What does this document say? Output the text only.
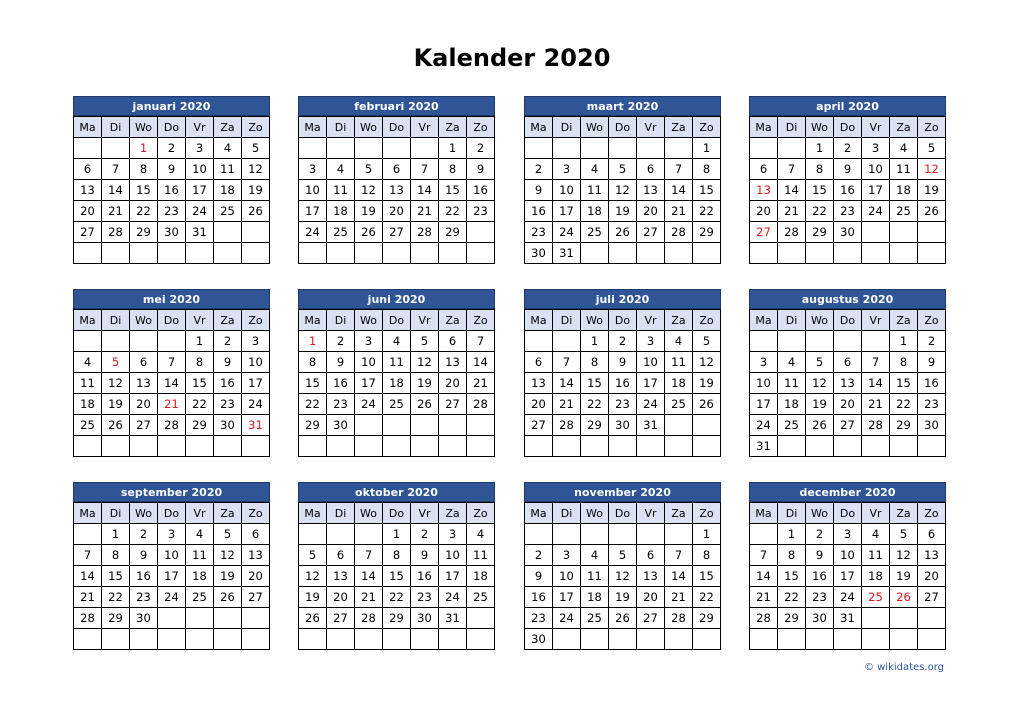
Kalender 2020
januari 2020
Ma	Di	Wo	Do	Vr	Za	Zo
		1	2	3	4	5
6	7	8	9	10	11	12
13	14	15	16	17	18	19
20	21	22	23	24	25	26
27	28	29	30	31		

februari 2020
Ma	Di	Wo	Do	Vr	Za	Zo
					1	2
3	4	5	6	7	8	9
10	11	12	13	14	15	16
17	18	19	20	21	22	23
24	25	26	27	28	29	

maart 2020
Ma	Di	Wo	Do	Vr	Za	Zo
						1
2	3	4	5	6	7	8
9	10	11	12	13	14	15
16	17	18	19	20	21	22
23	24	25	26	27	28	29
30	31					
april 2020
Ma	Di	Wo	Do	Vr	Za	Zo
		1	2	3	4	5
6	7	8	9	10	11	12
13	14	15	16	17	18	19
20	21	22	23	24	25	26
27	28	29	30			

mei 2020
Ma	Di	Wo	Do	Vr	Za	Zo
				1	2	3
4	5	6	7	8	9	10
11	12	13	14	15	16	17
18	19	20	21	22	23	24
25	26	27	28	29	30	31

juni 2020
Ma	Di	Wo	Do	Vr	Za	Zo
1	2	3	4	5	6	7
8	9	10	11	12	13	14
15	16	17	18	19	20	21
22	23	24	25	26	27	28
29	30					

juli 2020
Ma	Di	Wo	Do	Vr	Za	Zo
		1	2	3	4	5
6	7	8	9	10	11	12
13	14	15	16	17	18	19
20	21	22	23	24	25	26
27	28	29	30	31		

augustus 2020
Ma	Di	Wo	Do	Vr	Za	Zo
					1	2
3	4	5	6	7	8	9
10	11	12	13	14	15	16
17	18	19	20	21	22	23
24	25	26	27	28	29	30
31						
september 2020
Ma	Di	Wo	Do	Vr	Za	Zo
	1	2	3	4	5	6
7	8	9	10	11	12	13
14	15	16	17	18	19	20
21	22	23	24	25	26	27
28	29	30				

oktober 2020
Ma	Di	Wo	Do	Vr	Za	Zo
			1	2	3	4
5	6	7	8	9	10	11
12	13	14	15	16	17	18
19	20	21	22	23	24	25
26	27	28	29	30	31	

november 2020
Ma	Di	Wo	Do	Vr	Za	Zo
						1
2	3	4	5	6	7	8
9	10	11	12	13	14	15
16	17	18	19	20	21	22
23	24	25	26	27	28	29
30						
december 2020
Ma	Di	Wo	Do	Vr	Za	Zo
	1	2	3	4	5	6
7	8	9	10	11	12	13
14	15	16	17	18	19	20
21	22	23	24	25	26	27
28	29	30	31			

© wikidates.org
